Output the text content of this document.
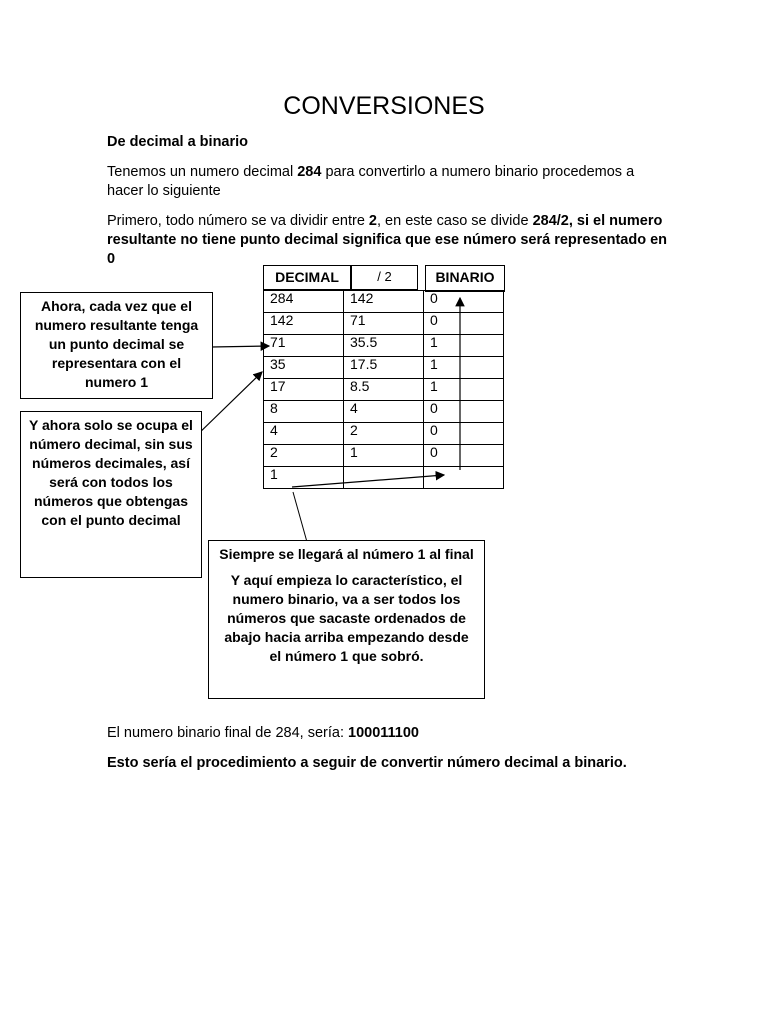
CONVERSIONES
De decimal a binario
Tenemos un numero decimal 284 para convertirlo a numero binario procedemos a hacer lo siguiente
Primero, todo número se va dividir entre 2, en este caso se divide 284/2, si el numero resultante no tiene punto decimal significa que ese número será representado en 0
DECIMAL	/ 2	BINARIO
284	142	0
142	71	0
71	35.5	1
35	17.5	1
17	8.5	1
8	4	0
4	2	0
2	1	0
1		
Ahora, cada vez que el numero resultante tenga un punto decimal se representara con el numero 1
Y ahora solo se ocupa el número decimal, sin sus números decimales, así será con todos los números que obtengas con el punto decimal
Siempre se llegará al número 1 al final
Y aquí empieza lo característico, el numero binario, va a ser todos los números que sacaste ordenados de abajo hacia arriba empezando desde el número 1 que sobró.
El numero binario final de 284, sería: 100011100
Esto sería el procedimiento a seguir de convertir número decimal a binario.
